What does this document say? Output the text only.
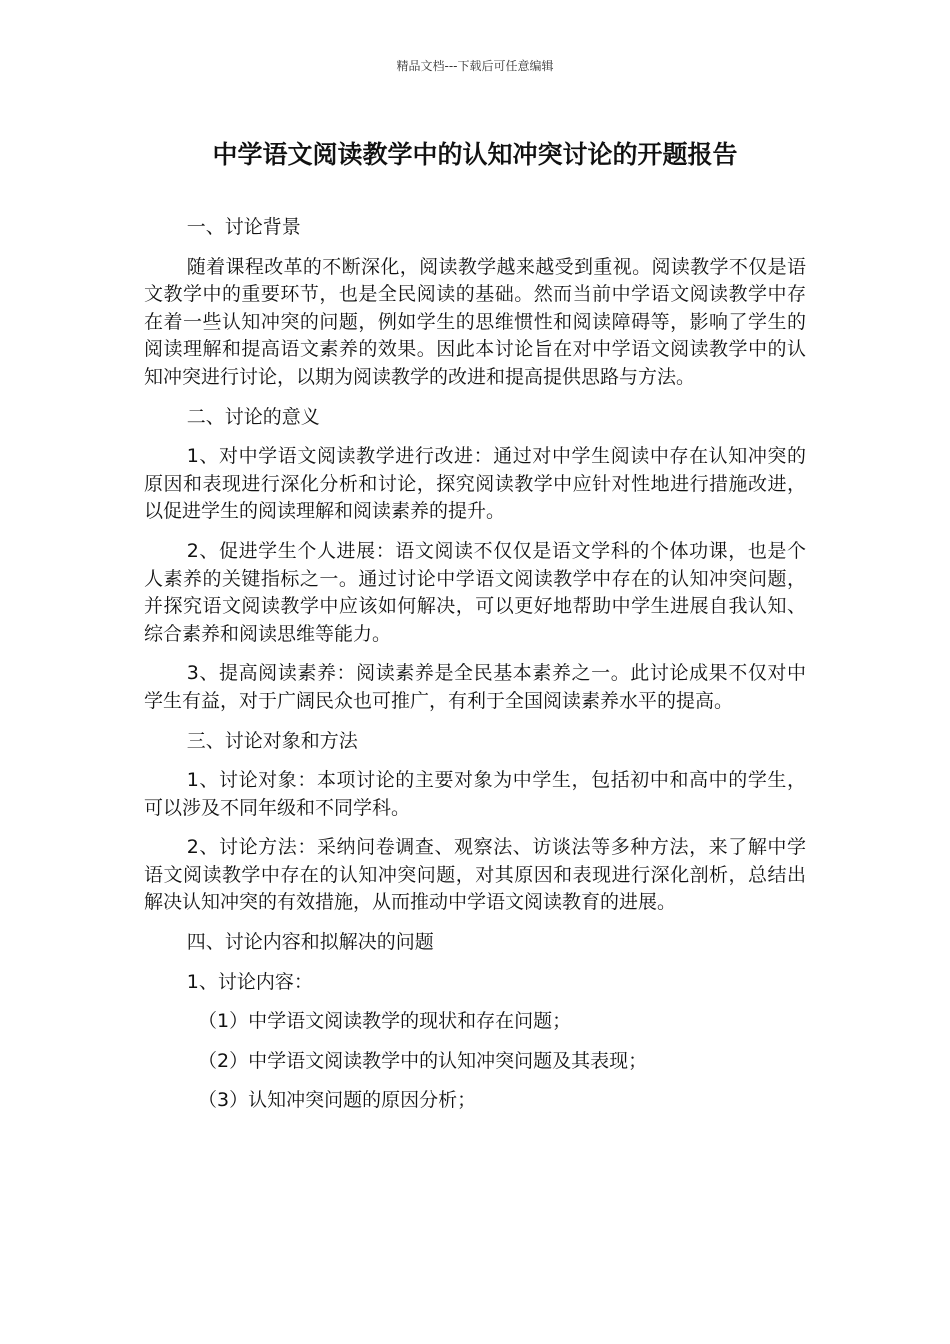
精品文档---下载后可任意编辑
中学语文阅读教学中的认知冲突讨论的开题报告

一、讨论背景

随着课程改革的不断深化，阅读教学越来越受到重视。阅读教学不仅是语文教学中的重要环节，也是全民阅读的基础。然而当前中学语文阅读教学中存在着一些认知冲突的问题，例如学生的思维惯性和阅读障碍等，影响了学生的阅读理解和提高语文素养的效果。因此本讨论旨在对中学语文阅读教学中的认知冲突进行讨论，以期为阅读教学的改进和提高提供思路与方法。

二、讨论的意义

1、对中学语文阅读教学进行改进：通过对中学生阅读中存在认知冲突的原因和表现进行深化分析和讨论，探究阅读教学中应针对性地进行措施改进，以促进学生的阅读理解和阅读素养的提升。

2、促进学生个人进展：语文阅读不仅仅是语文学科的个体功课，也是个人素养的关键指标之一。通过讨论中学语文阅读教学中存在的认知冲突问题，并探究语文阅读教学中应该如何解决，可以更好地帮助中学生进展自我认知、综合素养和阅读思维等能力。

3、提高阅读素养：阅读素养是全民基本素养之一。此讨论成果不仅对中学生有益，对于广阔民众也可推广，有利于全国阅读素养水平的提高。

三、讨论对象和方法

1、讨论对象：本项讨论的主要对象为中学生，包括初中和高中的学生，可以涉及不同年级和不同学科。

2、讨论方法：采纳问卷调查、观察法、访谈法等多种方法，来了解中学语文阅读教学中存在的认知冲突问题，对其原因和表现进行深化剖析，总结出解决认知冲突的有效措施，从而推动中学语文阅读教育的进展。

四、讨论内容和拟解决的问题

1、讨论内容：

（1）中学语文阅读教学的现状和存在问题；

（2）中学语文阅读教学中的认知冲突问题及其表现；

（3）认知冲突问题的原因分析；
